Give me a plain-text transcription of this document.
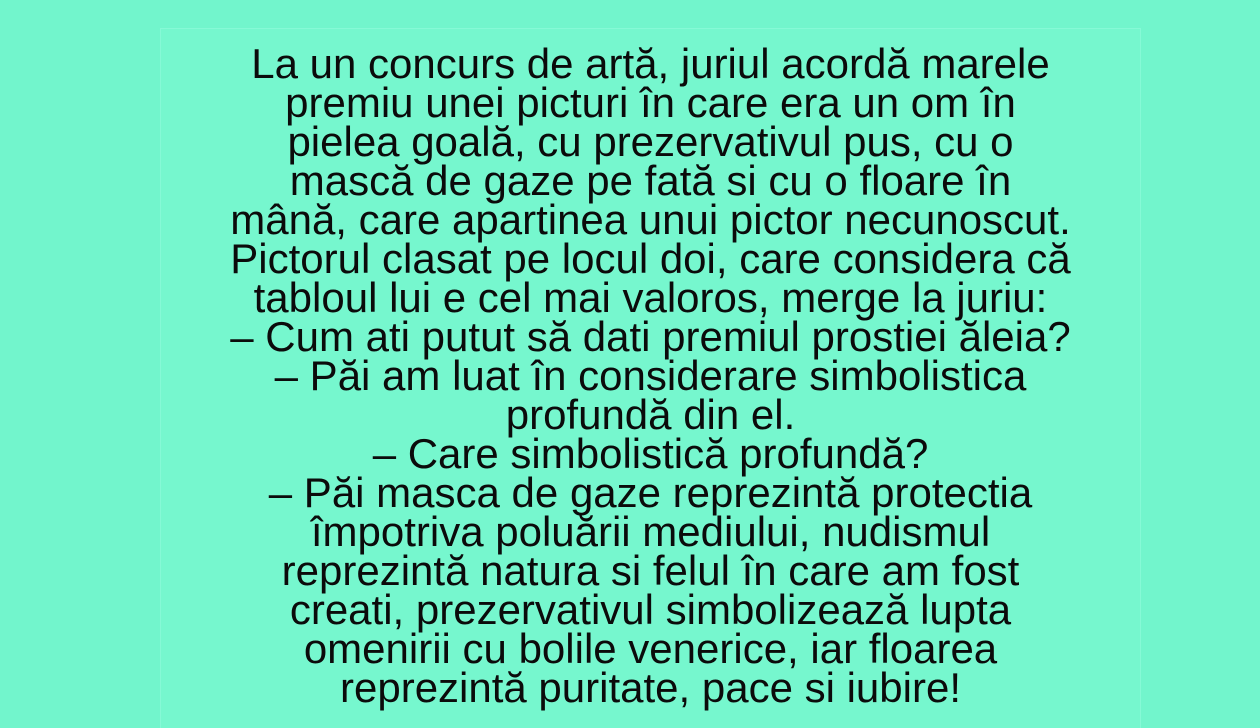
La un concurs de artă, juriul acordă marele
premiu unei picturi în care era un om în
pielea goală, cu prezervativul pus, cu o
mască de gaze pe fată si cu o floare în
mână, care apartinea unui pictor necunoscut.
Pictorul clasat pe locul doi, care considera că
tabloul lui e cel mai valoros, merge la juriu:
– Cum ati putut să dati premiul prostiei ăleia?
– Păi am luat în considerare simbolistica
profundă din el.
– Care simbolistică profundă?
– Păi masca de gaze reprezintă protectia
împotriva poluării mediului, nudismul
reprezintă natura si felul în care am fost
creati, prezervativul simbolizează lupta
omenirii cu bolile venerice, iar floarea
reprezintă puritate, pace si iubire!
